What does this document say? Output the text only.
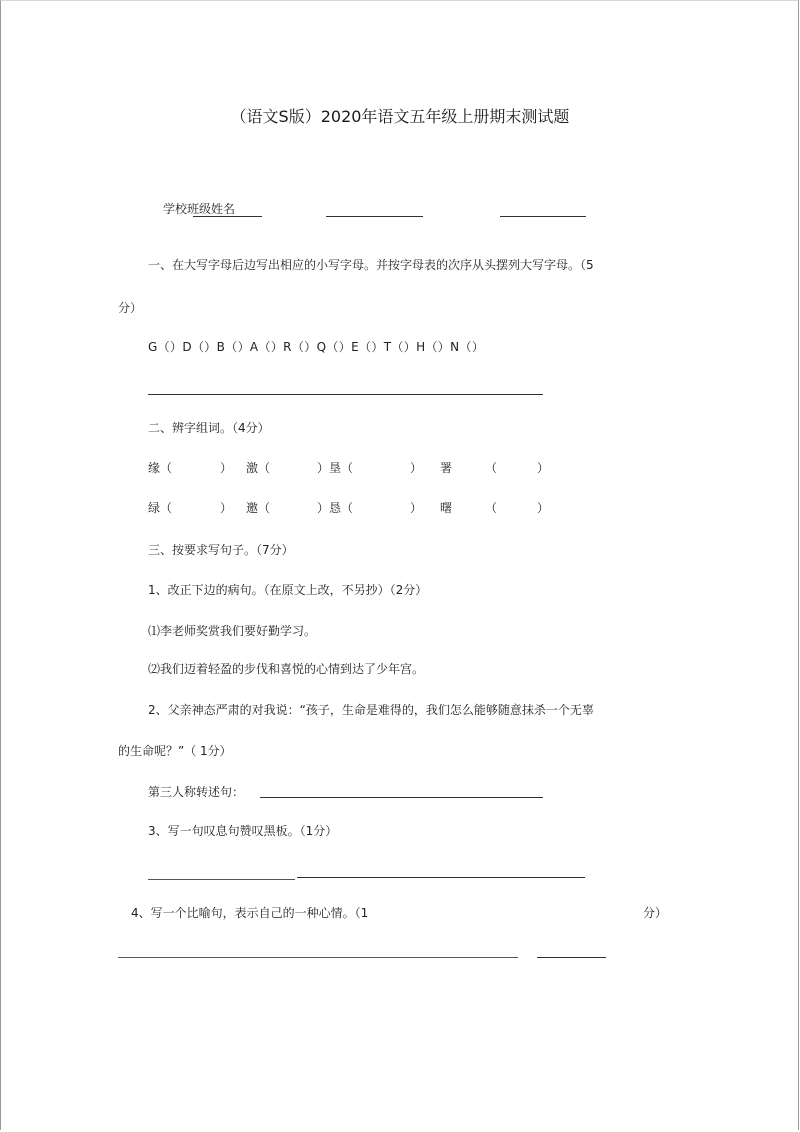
（语文S版）2020年语文五年级上册期末测试题
学校班级姓名
一、在大写字母后边写出相应的小写字母。并按字母表的次序从头摆列大写字母。（5
分）
G（）D（）B（）A（）R（）Q（）E（）T（）H（）N（）
二、辨字组词。（4分）
缘（	） 激（	）垦（	） 署	（	）
绿（	） 邀（	）恳（	） 曙	（	）
三、按要求写句子。（7分）
1、改正下边的病句。（在原文上改，不另抄）（2分）
⑴李老师奖赏我们要好勤学习。
⑵我们迈着轻盈的步伐和喜悦的心情到达了少年宫。
2、父亲神态严肃的对我说：“孩子，生命是难得的，我们怎么能够随意抹杀一个无辜
的生命呢？”（ 1分）
第三人称转述句：
3、写一句叹息句赞叹黑板。（1分）
4、写一个比喻句，表示自己的一种心情。（1	分）
